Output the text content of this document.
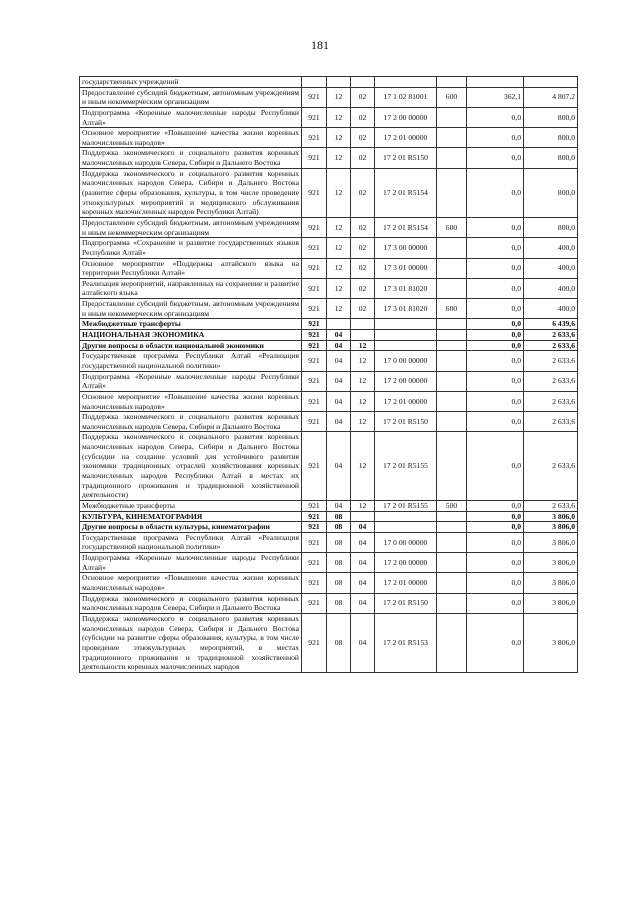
181
государственных учреждений							
Предоставление субсидий бюджетным, автономным учреждениям и иным некоммерческим организациям	921	12	02	17 1 02 81001	600	362,1	4 807,2
Подпрограмма «Коренные малочисленные народы Республики Алтай»	921	12	02	17 2 00 00000		0,0	800,0
Основное мероприятие «Повышение качества жизни коренных малочисленных народов»	921	12	02	17 2 01 00000		0,0	800,0
Поддержка экономического и социального развития коренных малочисленных народов Севера, Сибири и Дальнего Востока	921	12	02	17 2 01 R5150		0,0	800,0
Поддержка экономического и социального развития коренных малочисленных народов Севера, Сибири и Дальнего Востока (развитие сферы образования, культуры, в том числе проведение этнокультурных мероприятий и медицинского обслуживания коренных малочисленных народов Республики Алтай)	921	12	02	17 2 01 R5154		0,0	800,0
Предоставление субсидий бюджетным, автономным учреждениям и иным некоммерческим организациям	921	12	02	17 2 01 R5154	600	0,0	800,0
Подпрограмма «Сохранение и развитие государственных языков Республики Алтай»	921	12	02	17 3 00 00000		0,0	400,0
Основное мероприятие «Поддержка алтайского языка на территории Республики Алтай»	921	12	02	17 3 01 00000		0,0	400,0
Реализация мероприятий, направленных на сохранение и развитие алтайского языка	921	12	02	17 3 01 81020		0,0	400,0
Предоставление субсидий бюджетным, автономным учреждениям и иным некоммерческим организациям	921	12	02	17 3 01 81020	600	0,0	400,0
Межбюджетные трансферты	921					0,0	6 439,6
НАЦИОНАЛЬНАЯ ЭКОНОМИКА	921	04				0,0	2 633,6
Другие вопросы в области национальной экономики	921	04	12			0,0	2 633,6
Государственная программа Республики Алтай «Реализация государственной национальной политики»	921	04	12	17 0 00 00000		0,0	2 633,6
Подпрограмма «Коренные малочисленные народы Республики Алтай»	921	04	12	17 2 00 00000		0,0	2 633,6
Основное мероприятие «Повышение качества жизни коренных малочисленных народов»	921	04	12	17 2 01 00000		0,0	2 633,6
Поддержка экономического и социального развития коренных малочисленных народов Севера, Сибири и Дальнего Востока	921	04	12	17 2 01 R5150		0,0	2 633,6
Поддержка экономического и социального развития коренных малочисленных народов Севера, Сибири и Дальнего Востока (субсидии на создание условий для устойчивого развития экономики традиционных отраслей хозяйствования коренных малочисленных народов Республики Алтай в местах их традиционного проживания и традиционной хозяйственной деятельности)	921	04	12	17 2 01 R5155		0,0	2 633,6
Межбюджетные трансферты	921	04	12	17 2 01 R5155	500	0,0	2 633,6
КУЛЬТУРА, КИНЕМАТОГРАФИЯ	921	08				0,0	3 806,0
Другие вопросы в области культуры, кинематографии	921	08	04			0,0	3 806,0
Государственная программа Республики Алтай «Реализация государственной национальной политики»	921	08	04	17 0 00 00000		0,0	3 806,0
Подпрограмма «Коренные малочисленные народы Республики Алтай»	921	08	04	17 2 00 00000		0,0	3 806,0
Основное мероприятие «Повышение качества жизни коренных малочисленных народов»	921	08	04	17 2 01 00000		0,0	3 806,0
Поддержка экономического и социального развития коренных малочисленных народов Севера, Сибири и Дальнего Востока	921	08	04	17 2 01 R5150		0,0	3 806,0
Поддержка экономического и социального развития коренных малочисленных народов Севера, Сибири и Дальнего Востока (субсидии на развитие сферы образования, культуры, в том числе проведение этнокультурных мероприятий, в местах традиционного проживания и традиционной хозяйственной деятельности коренных малочисленных народов	921	08	04	17 2 01 R5153		0,0	3 806,0
